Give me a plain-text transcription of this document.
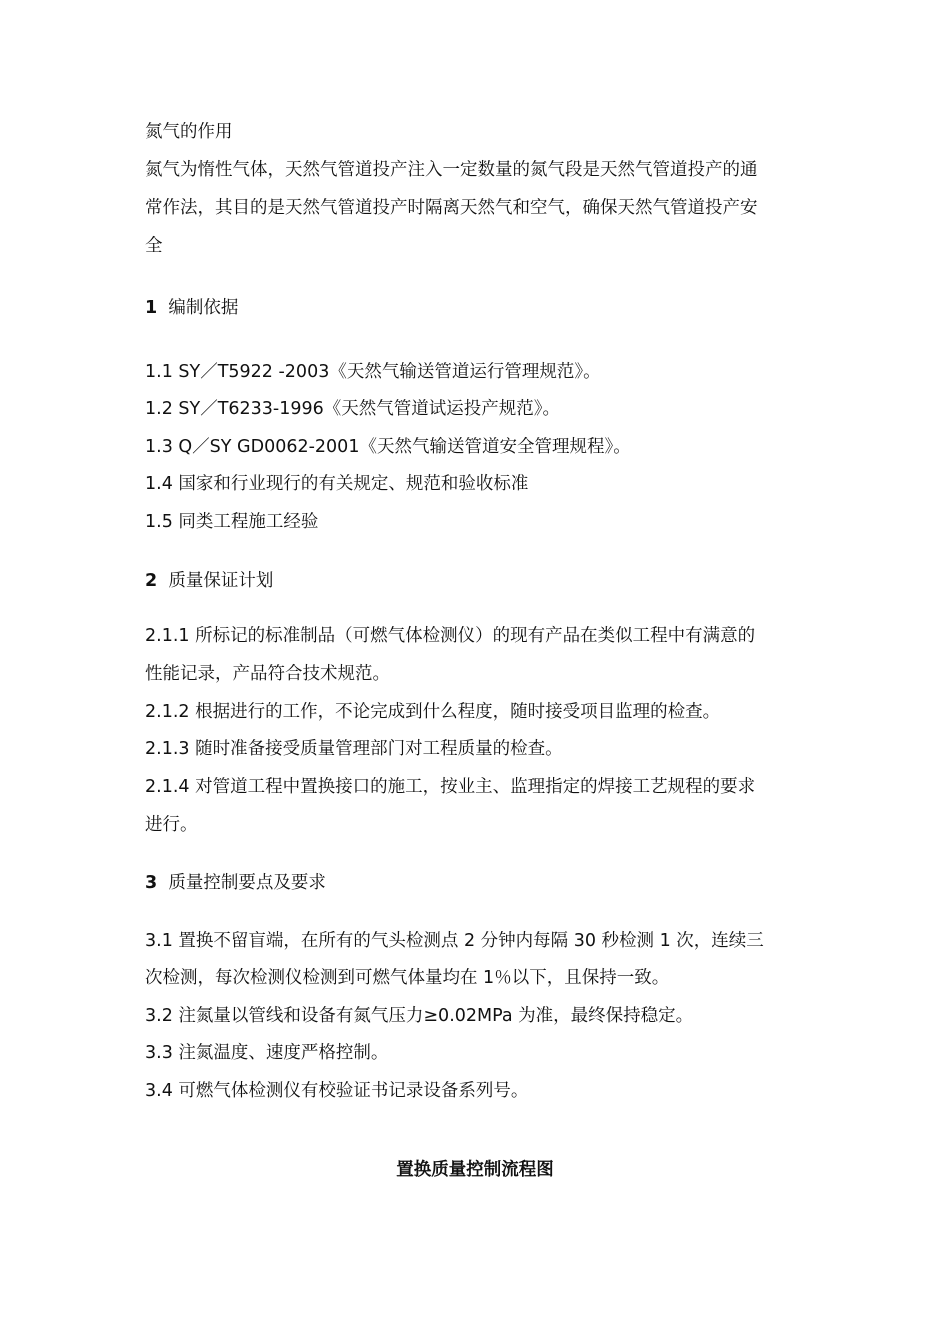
氮气的作用
氮气为惰性气体，天然气管道投产注入一定数量的氮气段是天然气管道投产的通
常作法，其目的是天然气管道投产时隔离天然气和空气，确保天然气管道投产安
全
1 编制依据
1.1 SY／T5922 -2003《天然气输送管道运行管理规范》。
1.2 SY／T6233-1996《天然气管道试运投产规范》。
1.3 Q／SY GD0062-2001《天然气输送管道安全管理规程》。
1.4 国家和行业现行的有关规定、规范和验收标准
1.5 同类工程施工经验
2 质量保证计划
2.1.1 所标记的标准制品（可燃气体检测仪）的现有产品在类似工程中有满意的
性能记录，产品符合技术规范。
2.1.2 根据进行的工作，不论完成到什么程度，随时接受项目监理的检查。
2.1.3 随时准备接受质量管理部门对工程质量的检查。
2.1.4 对管道工程中置换接口的施工，按业主、监理指定的焊接工艺规程的要求
进行。
3 质量控制要点及要求
3.1 置换不留盲端，在所有的气头检测点 2 分钟内每隔 30 秒检测 1 次，连续三
次检测，每次检测仪检测到可燃气体量均在 1％以下，且保持一致。
3.2 注氮量以管线和设备有氮气压力≥0.02MPa 为准，最终保持稳定。
3.3 注氮温度、速度严格控制。
3.4 可燃气体检测仪有校验证书记录设备系列号。
置换质量控制流程图
